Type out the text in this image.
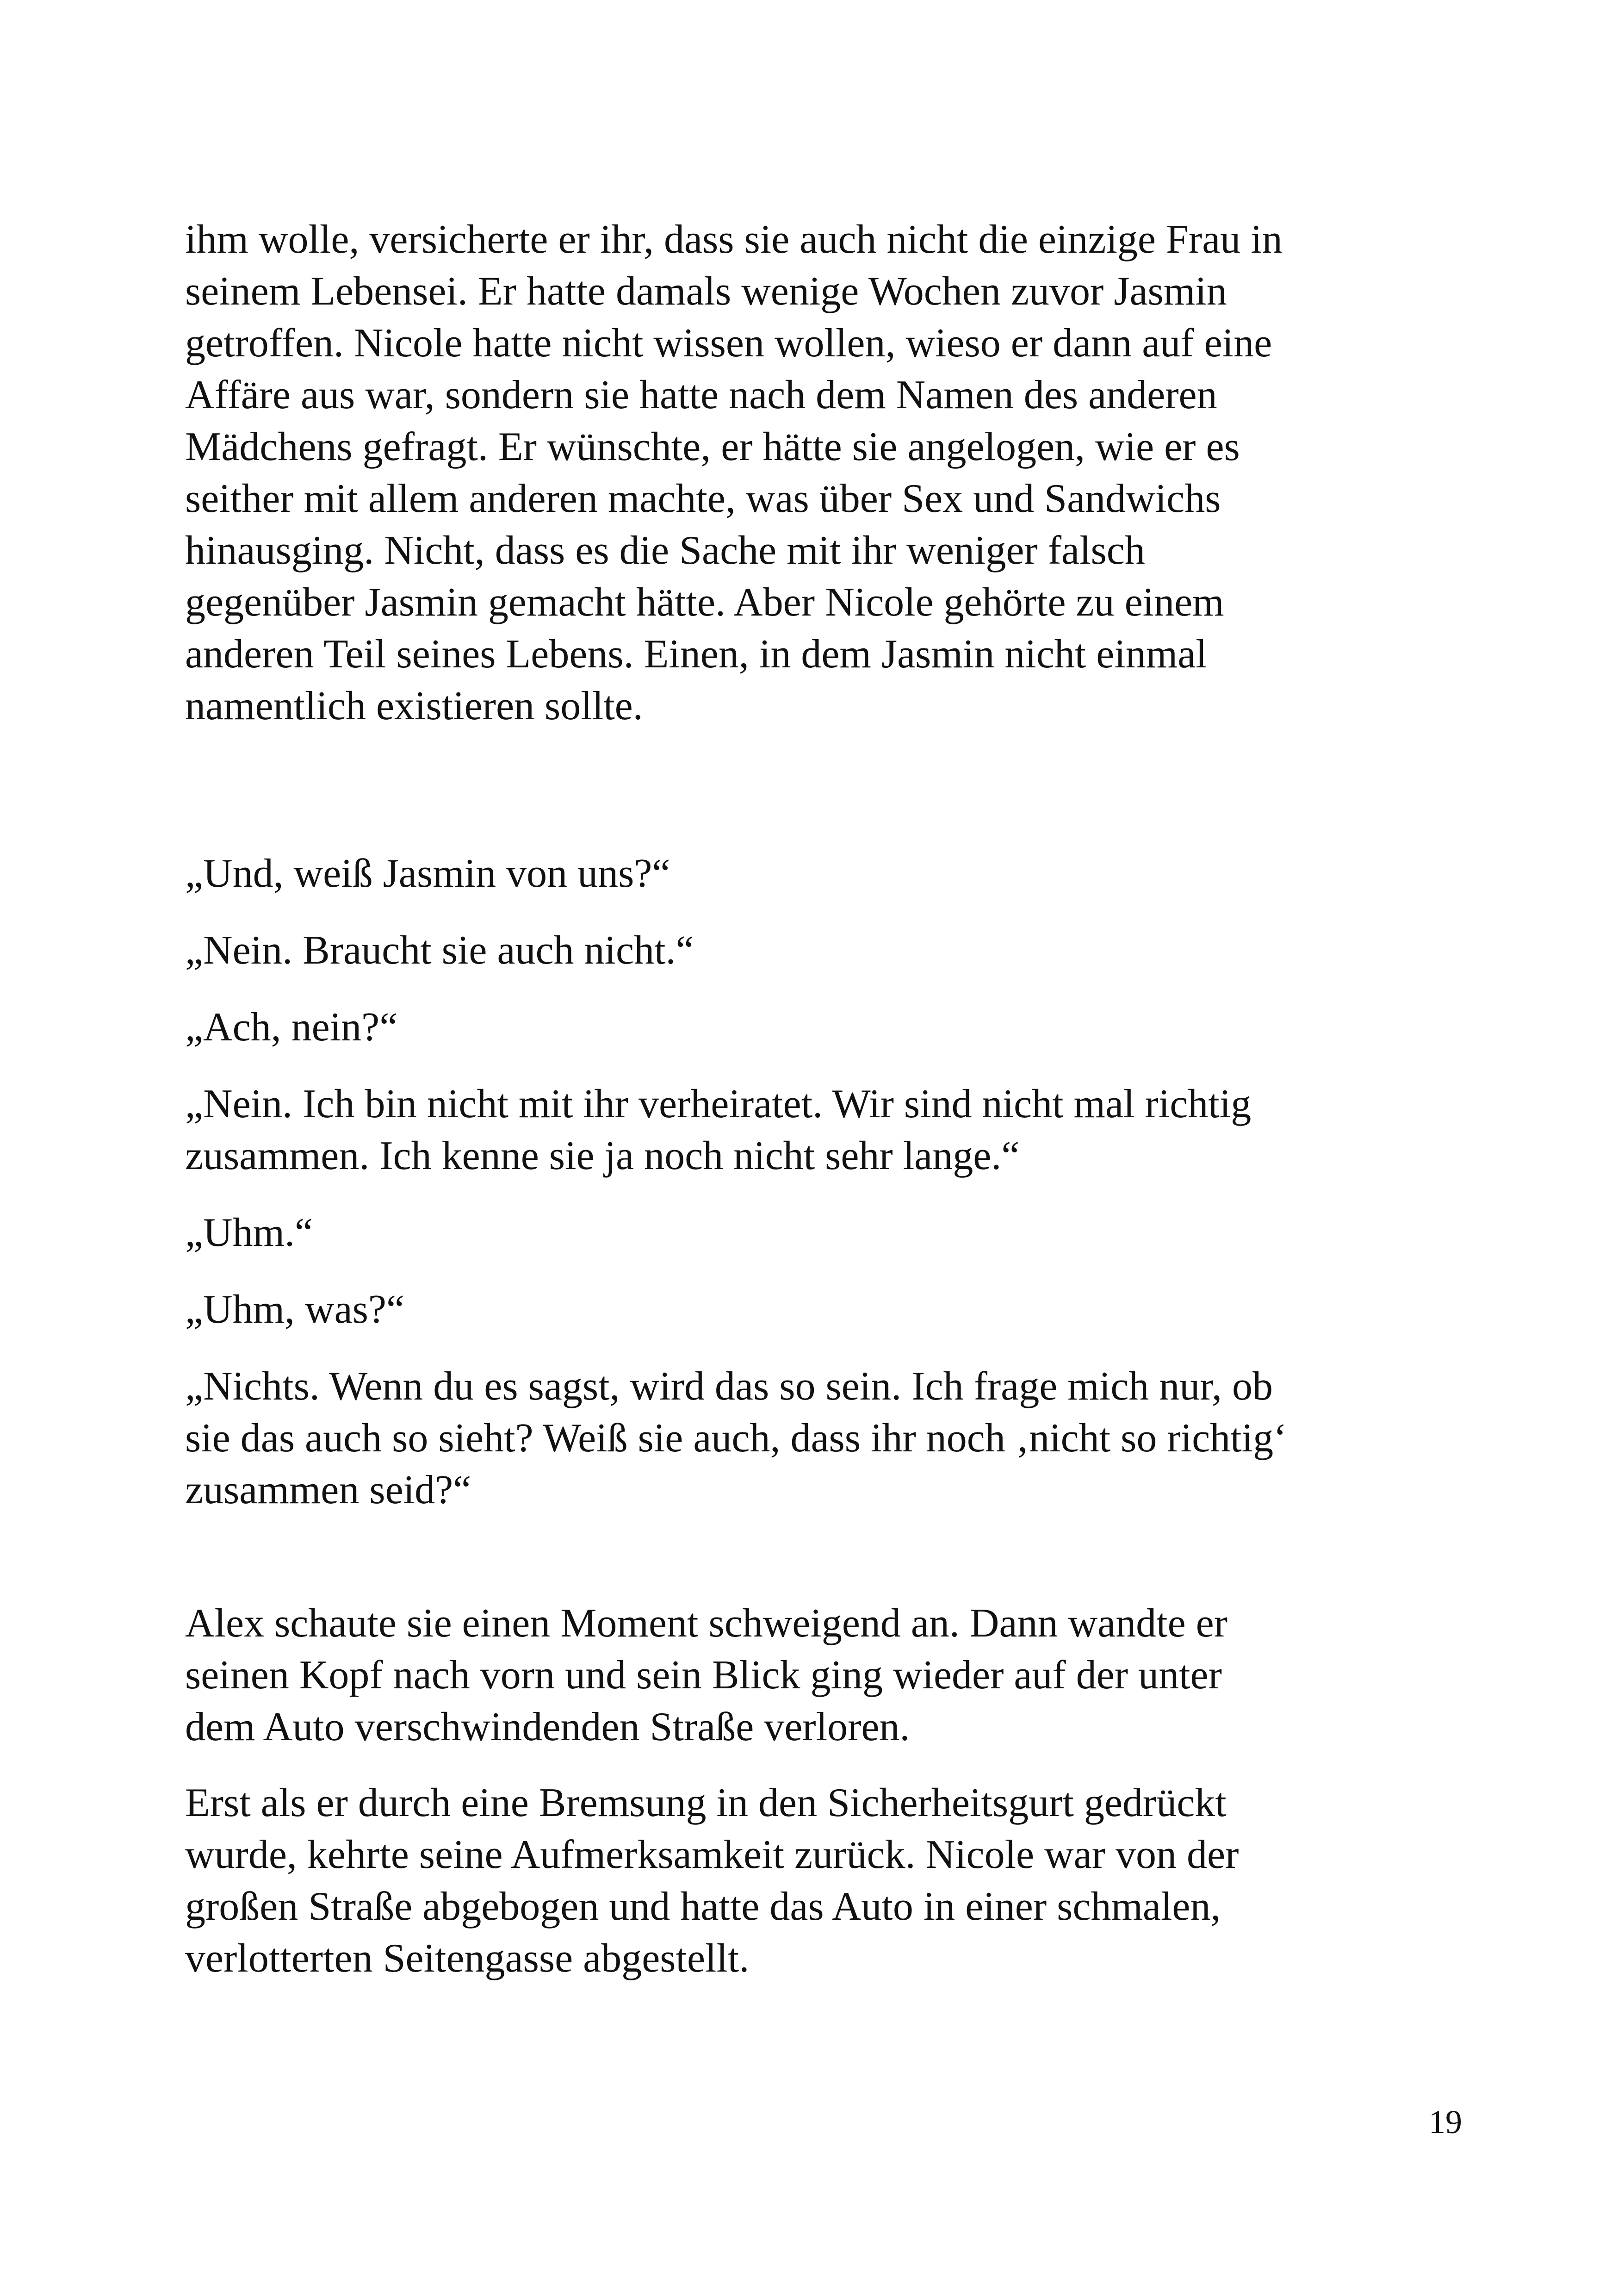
ihm wolle, versicherte er ihr, dass sie auch nicht die einzige Frau in
seinem Lebensei. Er hatte damals wenige Wochen zuvor Jasmin
getroffen. Nicole hatte nicht wissen wollen, wieso er dann auf eine
Affäre aus war, sondern sie hatte nach dem Namen des anderen
Mädchens gefragt. Er wünschte, er hätte sie angelogen, wie er es
seither mit allem anderen machte, was über Sex und Sandwichs
hinausging. Nicht, dass es die Sache mit ihr weniger falsch
gegenüber Jasmin gemacht hätte. Aber Nicole gehörte zu einem
anderen Teil seines Lebens. Einen, in dem Jasmin nicht einmal
namentlich existieren sollte.
„Und, weiß Jasmin von uns?“
„Nein. Braucht sie auch nicht.“
„Ach, nein?“
„Nein. Ich bin nicht mit ihr verheiratet. Wir sind nicht mal richtig
zusammen. Ich kenne sie ja noch nicht sehr lange.“
„Uhm.“
„Uhm, was?“
„Nichts. Wenn du es sagst, wird das so sein. Ich frage mich nur, ob
sie das auch so sieht? Weiß sie auch, dass ihr noch ‚nicht so richtig‘
zusammen seid?“
Alex schaute sie einen Moment schweigend an. Dann wandte er
seinen Kopf nach vorn und sein Blick ging wieder auf der unter
dem Auto verschwindenden Straße verloren.
Erst als er durch eine Bremsung in den Sicherheitsgurt gedrückt
wurde, kehrte seine Aufmerksamkeit zurück. Nicole war von der
großen Straße abgebogen und hatte das Auto in einer schmalen,
verlotterten Seitengasse abgestellt.
19
